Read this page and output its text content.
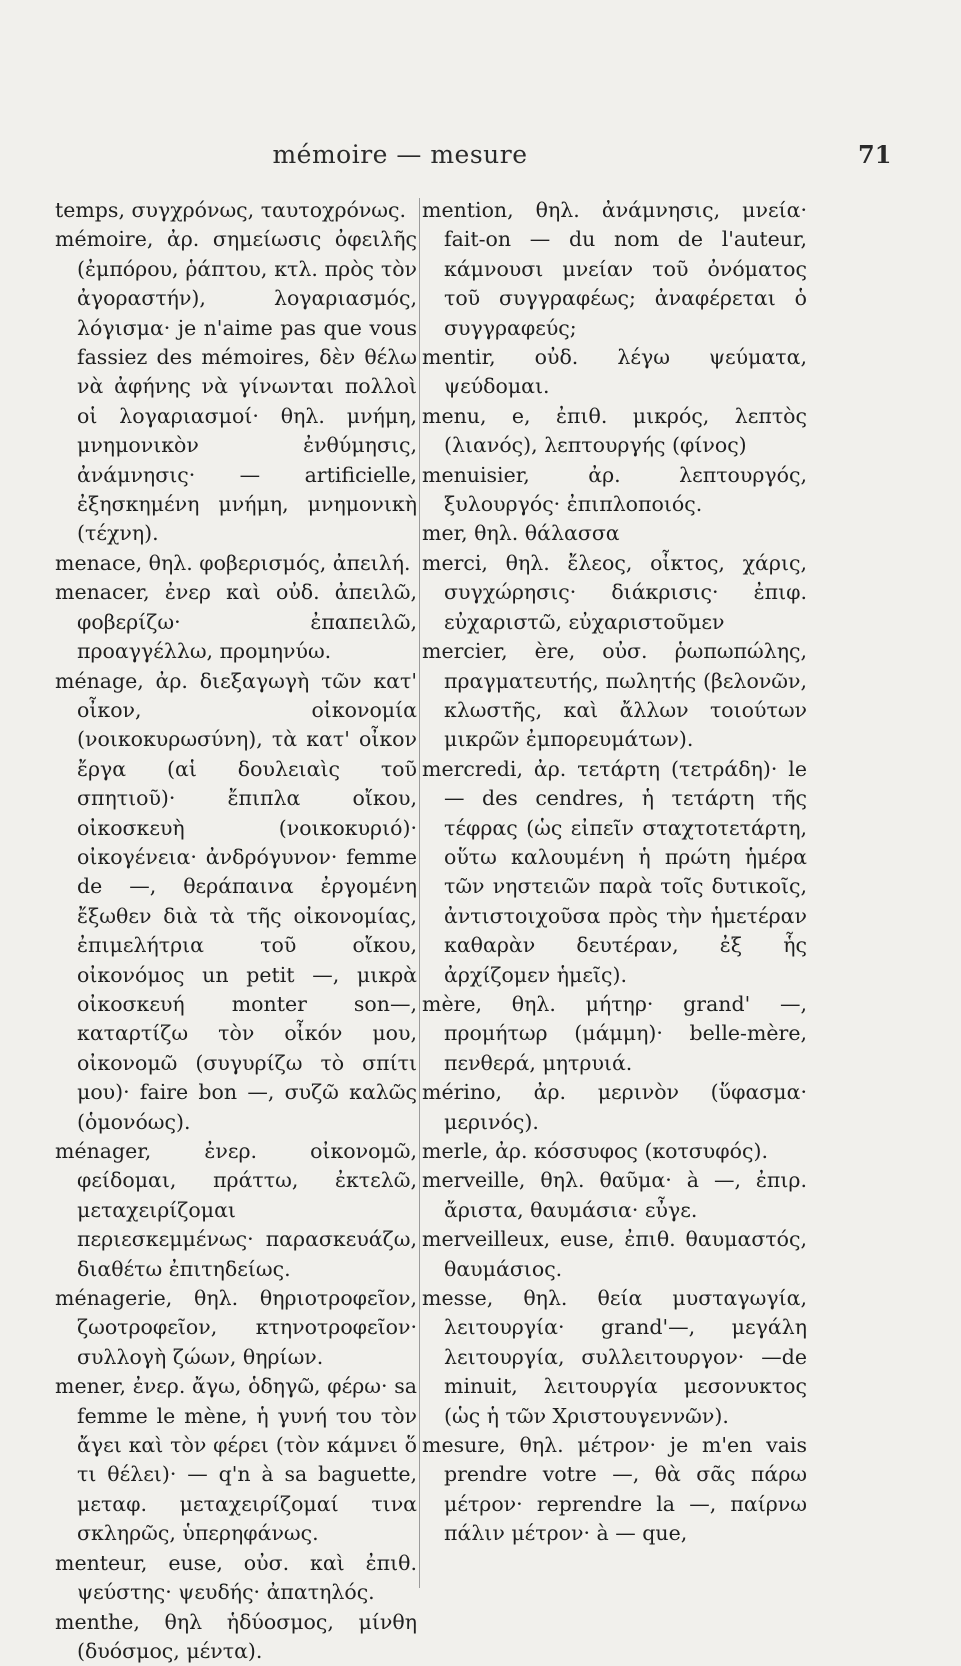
mémoire — mesure	71

temps, συγχρόνως, ταυτοχρόνως.

mémoire, ἀρ. σημείωσις ὀφειλῆς (ἐμπόρου, ῥάπτου, κτλ. πρὸς τὸν ἀγοραστήν), λογαριασμός, λόγισμα· je n'aime pas que vous fassiez des mémoires, δὲν θέλω νὰ ἀφήνης νὰ γίνωνται πολλοὶ οἱ λογαριασμοί· θηλ. μνήμη, μνημονικὸν ἐνθύμησις, ἀνάμνησις· — artificielle, ἐξησκημένη μνήμη, μνημονικὴ (τέχνη).

menace, θηλ. φοβερισμός, ἀπειλή.

menacer, ἐνερ καὶ οὐδ. ἀπειλῶ, φοβερίζω· ἐπαπειλῶ, προαγγέλλω, προμηνύω.

ménage, ἀρ. διεξαγωγὴ τῶν κατ' οἶκον, οἰκονομία (νοικοκυρωσύνη), τὰ κατ' οἶκον ἔργα (αἱ δουλειαὶς τοῦ σπητιοῦ)· ἔπιπλα οἴκου, οἰκοσκευὴ (νοικοκυριό)· οἰκογένεια· ἀνδρόγυνον· femme de —, θεράπαινα ἐργομένη ἔξωθεν διὰ τὰ τῆς οἰκονομίας, ἐπιμελήτρια τοῦ οἴκου, οἰκονόμος un petit —, μικρὰ οἰκοσκευή monter son—, καταρτίζω τὸν οἶκόν μου, οἰκονομῶ (συγυρίζω τὸ σπίτι μου)· faire bon —, συζῶ καλῶς (ὁμονόως).

ménager, ἐνερ. οἰκονομῶ, φείδομαι, πράττω, ἐκτελῶ, μεταχειρίζομαι περιεσκεμμένως· παρασκευάζω, διαθέτω ἐπιτηδείως.

ménagerie, θηλ. θηριοτροφεῖον, ζωοτροφεῖον, κτηνοτροφεῖον· συλλογὴ ζώων, θηρίων.

mener, ἐνερ. ἄγω, ὁδηγῶ, φέρω· sa femme le mène, ἡ γυνή του τὸν ἄγει καὶ τὸν φέρει (τὸν κάμνει ὅ τι θέλει)· — q'n à sa baguette, μεταφ. μεταχειρίζομαί τινα σκληρῶς, ὑπερηφάνως.

menteur, euse, οὐσ. καὶ ἐπιθ. ψεύστης· ψευδής· ἀπατηλός.

menthe, θηλ ἡδύοσμος, μίνθη (δυόσμος, μέντα).

mention, θηλ. ἀνάμνησις, μνεία· fait-on — du nom de l'auteur, κάμνουσι μνείαν τοῦ ὀνόματος τοῦ συγγραφέως; ἀναφέρεται ὁ συγγραφεύς;

mentir, οὐδ. λέγω ψεύματα, ψεύδομαι.

menu, e, ἐπιθ. μικρός, λεπτὸς (λιανός), λεπτουργής (φίνος)

menuisier, ἀρ. λεπτουργός, ξυλουργός· ἐπιπλοποιός.

mer, θηλ. θάλασσα

merci, θηλ. ἔλεος, οἶκτος, χάρις, συγχώρησις· διάκρισις· ἐπιφ. εὐχαριστῶ, εὐχαριστοῦμεν

mercier, ère, οὐσ. ῥωπωπώλης, πραγματευτής, πωλητής (βελονῶν, κλωστῆς, καὶ ἄλλων τοιούτων μικρῶν ἐμπορευμάτων).

mercredi, ἀρ. τετάρτη (τετράδη)· le — des cendres, ἡ τετάρτη τῆς τέφρας (ὡς εἰπεῖν σταχτοτετάρτη, οὕτω καλουμένη ἡ πρώτη ἡμέρα τῶν νηστειῶν παρὰ τοῖς δυτικοῖς, ἀντιστοιχοῦσα πρὸς τὴν ἡμετέραν καθαρὰν δευτέραν, ἐξ ἧς ἀρχίζομεν ἡμεῖς).

mère, θηλ. μήτηρ· grand' —, προμήτωρ (μάμμη)· belle-mère, πενθερά, μητρυιά.

mérino, ἀρ. μερινὸν (ὕφασμα· μερινός).

merle, ἀρ. κόσσυφος (κοτσυφός).

merveille, θηλ. θαῦμα· à —, ἐπιρ. ἄριστα, θαυμάσια· εὖγε.

merveilleux, euse, ἐπιθ. θαυμαστός, θαυμάσιος.

messe, θηλ. θεία μυσταγωγία, λειτουργία· grand'—, μεγάλη λειτουργία, συλλειτουργον· —de minuit, λειτουργία μεσονυκτος (ὡς ἡ τῶν Χριστουγεννῶν).

mesure, θηλ. μέτρον· je m'en vais prendre votre —, θὰ σᾶς πάρω μέτρον· reprendre la —, παίρνω πάλιν μέτρον· à — que,
